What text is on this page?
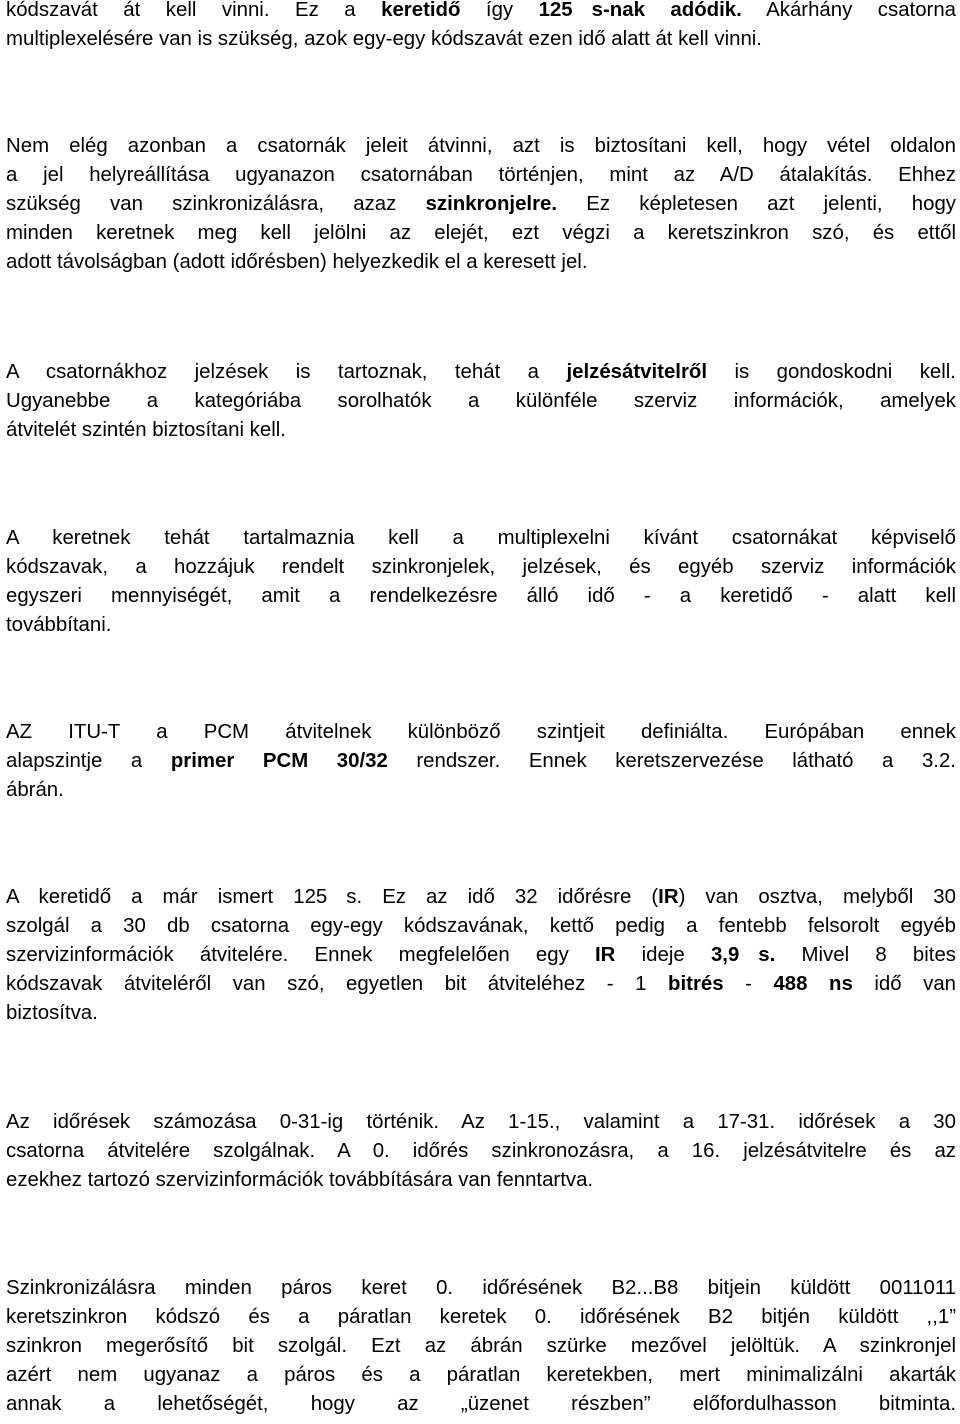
kódszavát át kell vinni. Ez a keretidő így 125 s-nak adódik. Akárhány csatorna
multiplexelésére van is szükség, azok egy-egy kódszavát ezen idő alatt át kell vinni.
Nem elég azonban a csatornák jeleit átvinni, azt is biztosítani kell, hogy vétel oldalon
a jel helyreállítása ugyanazon csatornában történjen, mint az A/D átalakítás. Ehhez
szükség van szinkronizálásra, azaz szinkronjelre. Ez képletesen azt jelenti, hogy
minden keretnek meg kell jelölni az elejét, ezt végzi a keretszinkron szó, és ettől
adott távolságban (adott időrésben) helyezkedik el a keresett jel.
A csatornákhoz jelzések is tartoznak, tehát a jelzésátvitelről is gondoskodni kell.
Ugyanebbe a kategóriába sorolhatók a különféle szerviz információk, amelyek
átvitelét szintén biztosítani kell.
A keretnek tehát tartalmaznia kell a multiplexelni kívánt csatornákat képviselő
kódszavak, a hozzájuk rendelt szinkronjelek, jelzések, és egyéb szerviz információk
egyszeri mennyiségét, amit a rendelkezésre álló idő - a keretidő - alatt kell
továbbítani.
AZ ITU-T a PCM átvitelnek különböző szintjeit definiálta. Európában ennek
alapszintje a primer PCM 30/32 rendszer. Ennek keretszervezése látható a 3.2.
ábrán.
A keretidő a már ismert 125 s. Ez az idő 32 időrésre (IR) van osztva, melyből 30
szolgál a 30 db csatorna egy-egy kódszavának, kettő pedig a fentebb felsorolt egyéb
szervizinformációk átvitelére. Ennek megfelelően egy IR ideje 3,9 s. Mivel 8 bites
kódszavak átviteléről van szó, egyetlen bit átviteléhez - 1 bitrés - 488 ns idő van
biztosítva.
Az időrések számozása 0-31-ig történik. Az 1-15., valamint a 17-31. időrések a 30
csatorna átvitelére szolgálnak. A 0. időrés szinkronozásra, a 16. jelzésátvitelre és az
ezekhez tartozó szervizinformációk továbbítására van fenntartva.
Szinkronizálásra minden páros keret 0. időrésének B2...B8 bitjein küldött 0011011
keretszinkron kódszó és a páratlan keretek 0. időrésének B2 bitjén küldött ,,1”
szinkron megerősítő bit szolgál. Ezt az ábrán szürke mezővel jelöltük. A szinkronjel
azért nem ugyanaz a páros és a páratlan keretekben, mert minimalizálni akarták
annak a lehetőségét, hogy az „üzenet részben” előfordulhasson bitminta.
